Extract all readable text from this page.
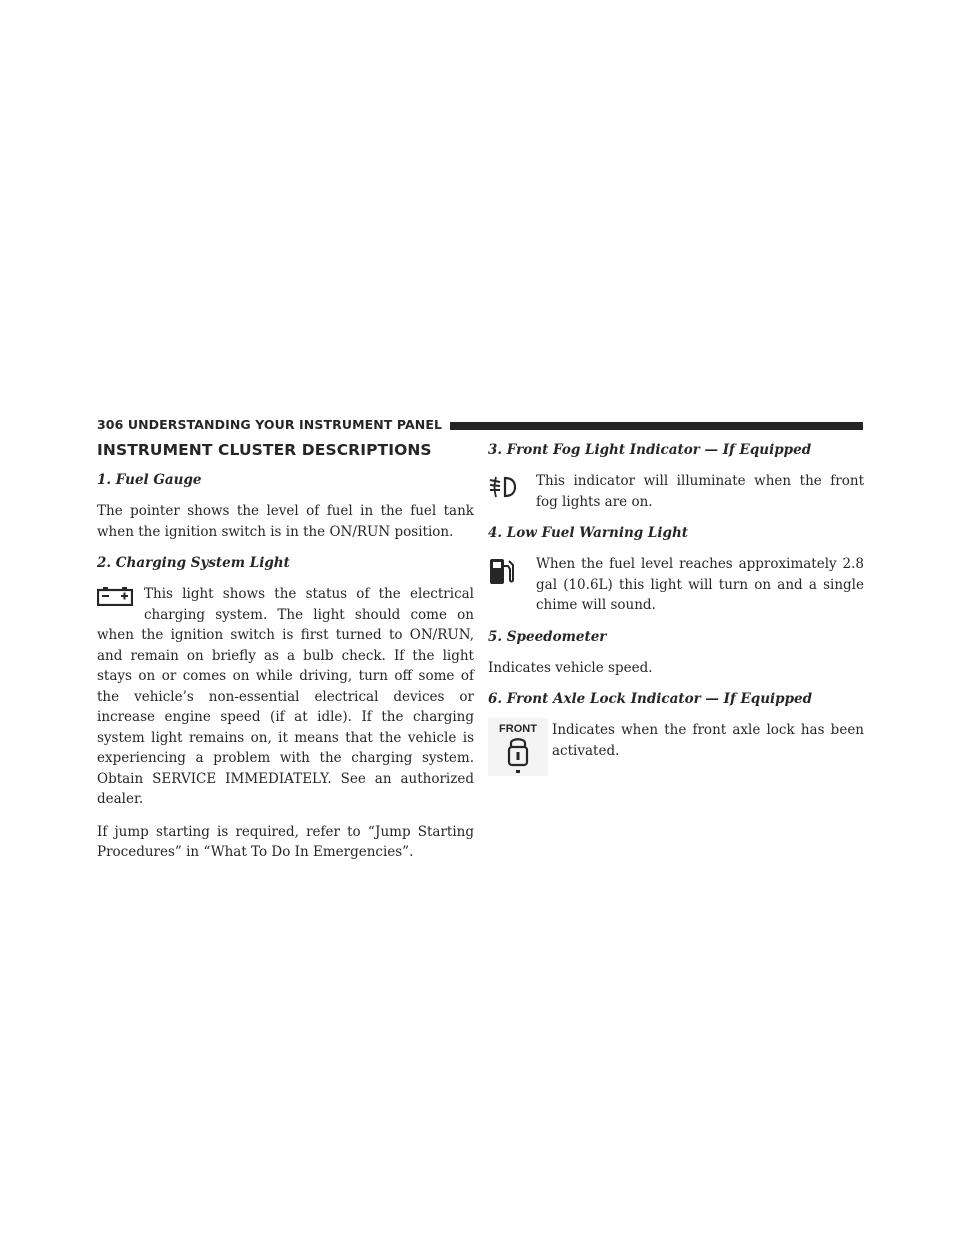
306 UNDERSTANDING YOUR INSTRUMENT PANEL
INSTRUMENT CLUSTER DESCRIPTIONS
1. Fuel Gauge
The pointer shows the level of fuel in the fuel tank when the ignition switch is in the ON/RUN position.
2. Charging System Light
This light shows the status of the electrical charging system. The light should come on when the ignition switch is first turned to ON/RUN, and remain on briefly as a bulb check. If the light stays on or comes on while driving, turn off some of the vehicle’s non-essential electrical devices or increase engine speed (if at idle). If the charging system light remains on, it means that the vehicle is experiencing a problem with the charging system. Obtain SERVICE IMMEDIATELY. See an authorized dealer.
If jump starting is required, refer to “Jump Starting Procedures” in “What To Do In Emergencies”.
3. Front Fog Light Indicator — If Equipped
This indicator will illuminate when the front fog lights are on.
4. Low Fuel Warning Light
When the fuel level reaches approximately 2.8 gal (10.6L) this light will turn on and a single chime will sound.
5. Speedometer
Indicates vehicle speed.
6. Front Axle Lock Indicator — If Equipped
FRONT Indicates when the front axle lock has been activated.
